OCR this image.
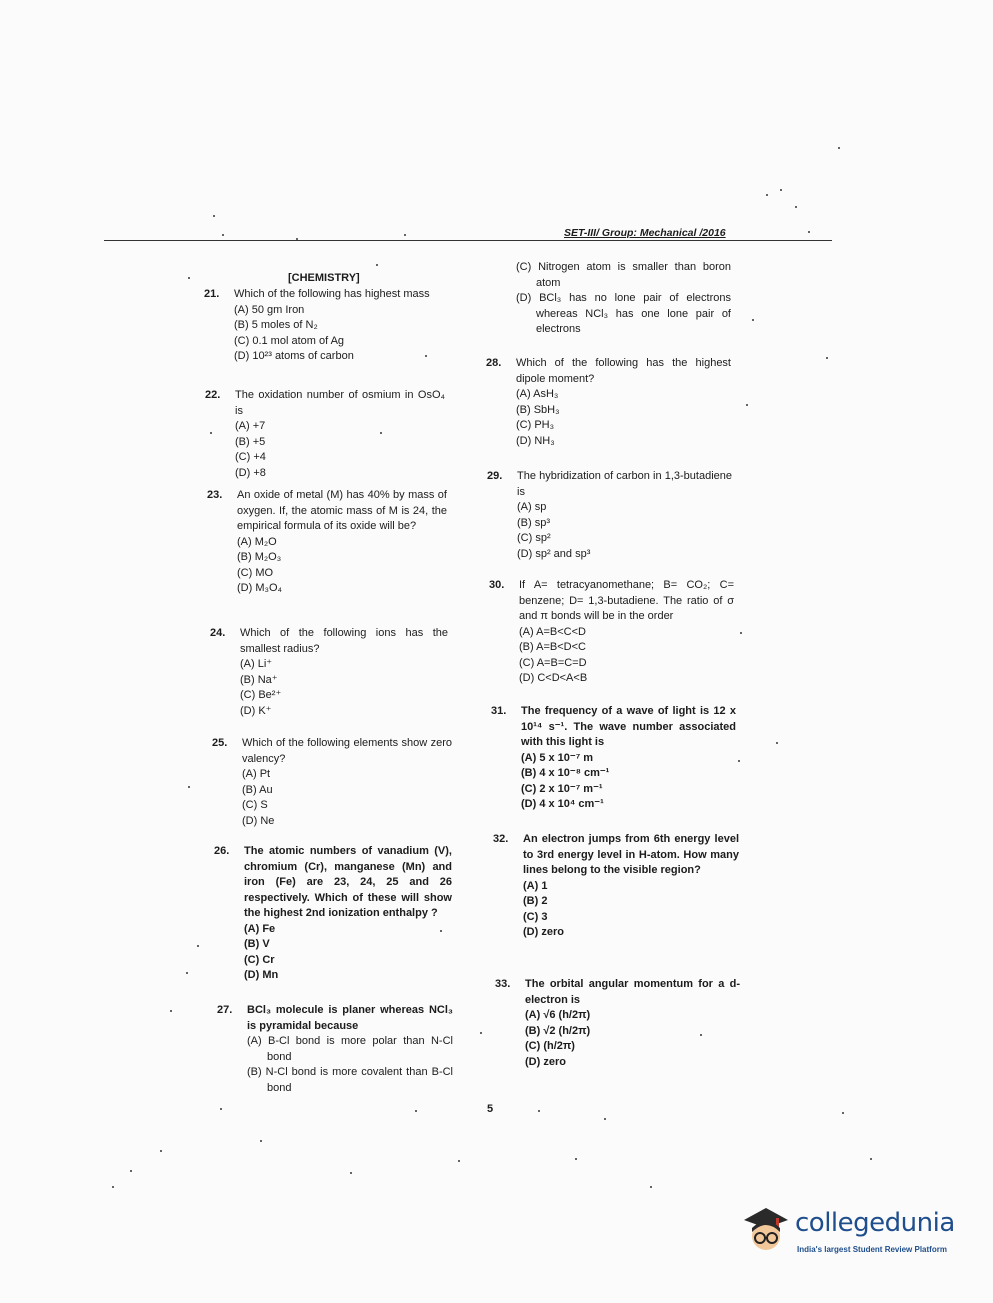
SET-III/ Group: Mechanical /2016
[CHEMISTRY]
21. Which of the following has highest mass
(A) 50 gm Iron
(B) 5 moles of N₂
(C) 0.1 mol atom of Ag
(D) 10²³ atoms of carbon
22. The oxidation number of osmium in OsO₄ is
(A) +7
(B) +5
(C) +4
(D) +8
23. An oxide of metal (M) has 40% by mass of oxygen. If, the atomic mass of M is 24, the empirical formula of its oxide will be?
(A) M₂O
(B) M₂O₃
(C) MO
(D) M₃O₄
24. Which of the following ions has the smallest radius?
(A) Li⁺
(B) Na⁺
(C) Be²⁺
(D) K⁺
25. Which of the following elements show zero valency?
(A) Pt
(B) Au
(C) S
(D) Ne
26. The atomic numbers of vanadium (V), chromium (Cr), manganese (Mn) and iron (Fe) are 23, 24, 25 and 26 respectively. Which of these will show the highest 2nd ionization enthalpy ?
(A) Fe
(B) V
(C) Cr
(D) Mn
27. BCl₃ molecule is planer whereas NCl₃ is pyramidal because
(A) B-Cl bond is more polar than N-Cl bond
(B) N-Cl bond is more covalent than B-Cl bond
(C) Nitrogen atom is smaller than boron atom
(D) BCl₃ has no lone pair of electrons whereas NCl₃ has one lone pair of electrons
28. Which of the following has the highest dipole moment?
(A) AsH₃
(B) SbH₃
(C) PH₃
(D) NH₃
29. The hybridization of carbon in 1,3-butadiene is
(A) sp
(B) sp³
(C) sp²
(D) sp² and sp³
30. If A= tetracyanomethane; B= CO₂; C= benzene; D= 1,3-butadiene. The ratio of σ and π bonds will be in the order
(A) A=B<C<D
(B) A=B<D<C
(C) A=B=C=D
(D) C<D<A<B
31. The frequency of a wave of light is 12 x 10¹⁴ s⁻¹. The wave number associated with this light is
(A) 5 x 10⁻⁷ m
(B) 4 x 10⁻⁸ cm⁻¹
(C) 2 x 10⁻⁷ m⁻¹
(D) 4 x 10⁴ cm⁻¹
32. An electron jumps from 6th energy level to 3rd energy level in H-atom. How many lines belong to the visible region?
(A) 1
(B) 2
(C) 3
(D) zero
33. The orbital angular momentum for a d-electron is
(A) √6 (h/2π)
(B) √2 (h/2π)
(C) (h/2π)
(D) zero
5
collegedunia
India's largest Student Review Platform
